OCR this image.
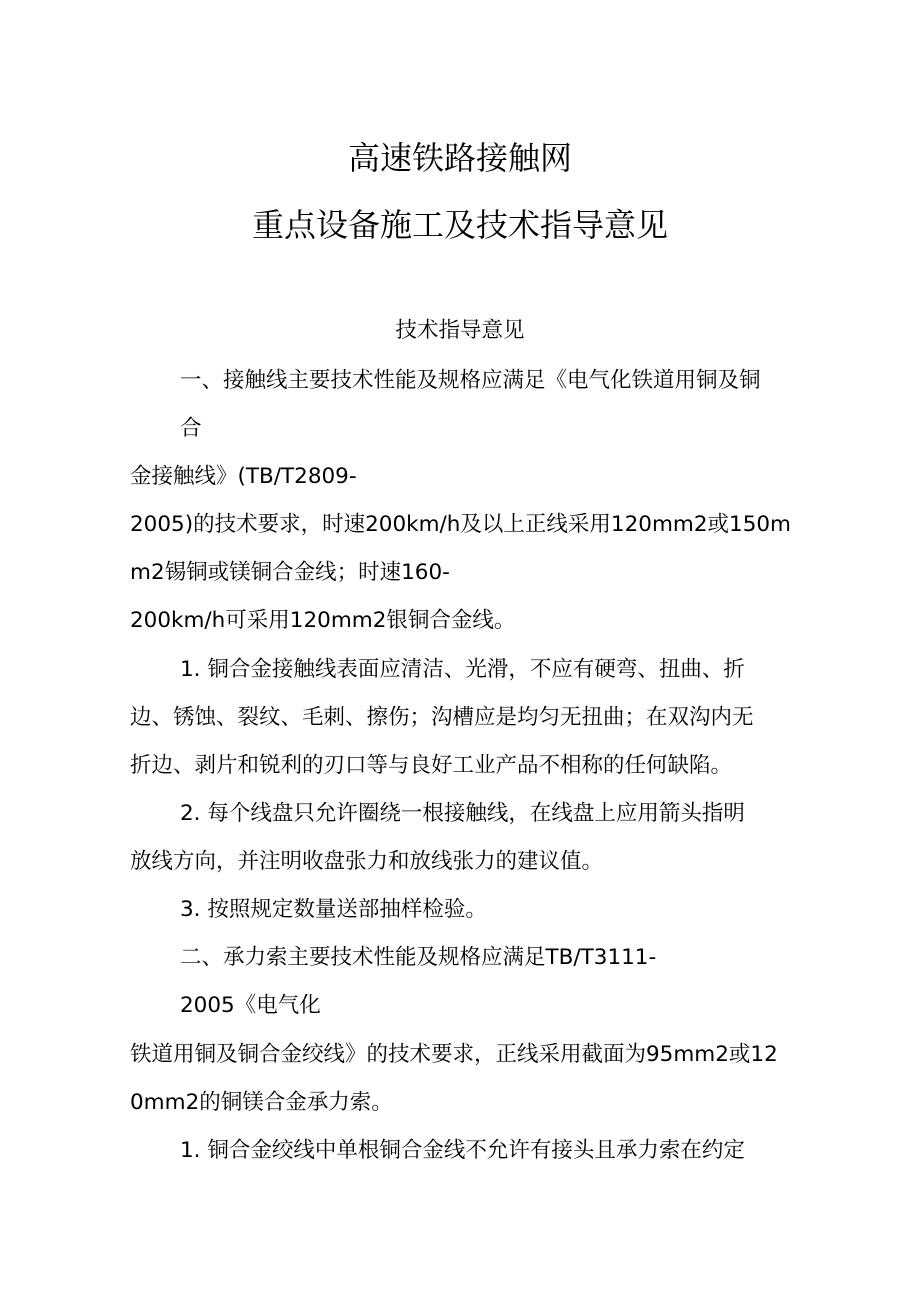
高速铁路接触网
重点设备施工及技术指导意见
技术指导意见
一、接触线主要技术性能及规格应满足《电气化铁道用铜及铜
合
金接触线》(TB/T2809-
2005)的技术要求，时速200km/h及以上正线采用120mm2或150m
m2锡铜或镁铜合金线；时速160-
200km/h可采用120mm2银铜合金线。
1. 铜合金接触线表面应清洁、光滑，不应有硬弯、扭曲、折
边、锈蚀、裂纹、毛刺、擦伤；沟槽应是均匀无扭曲；在双沟内无
折边、剥片和锐利的刃口等与良好工业产品不相称的任何缺陷。
2. 每个线盘只允许圈绕一根接触线，在线盘上应用箭头指明
放线方向，并注明收盘张力和放线张力的建议值。
3. 按照规定数量送部抽样检验。
二、承力索主要技术性能及规格应满足TB/T3111-
2005《电气化
铁道用铜及铜合金绞线》的技术要求，正线采用截面为95mm2或12
0mm2的铜镁合金承力索。
1. 铜合金绞线中单根铜合金线不允许有接头且承力索在约定
